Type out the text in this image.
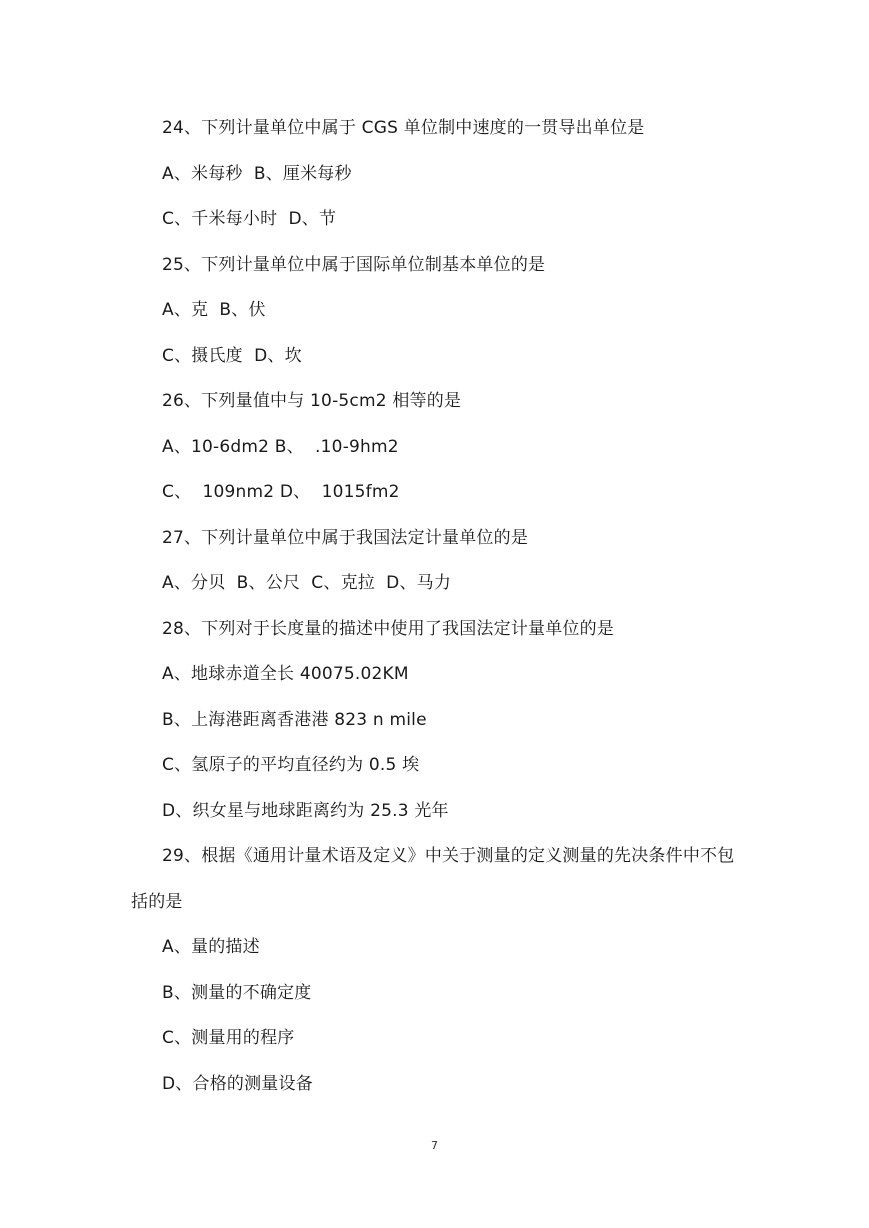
24、下列计量单位中属于 CGS 单位制中速度的一贯导出单位是
A、米每秒  B、厘米每秒
C、千米每小时  D、节
25、下列计量单位中属于国际单位制基本单位的是
A、克  B、伏
C、摄氏度  D、坎
26、下列量值中与 10-5cm2 相等的是
A、10-6dm2 B、  .10-9hm2
C、  109nm2 D、  1015fm2
27、下列计量单位中属于我国法定计量单位的是
A、分贝  B、公尺  C、克拉  D、马力
28、下列对于长度量的描述中使用了我国法定计量单位的是
A、地球赤道全长 40075.02KM
B、上海港距离香港港 823 n mile
C、氢原子的平均直径约为 0.5 埃
D、织女星与地球距离约为 25.3 光年
29、根据《通用计量术语及定义》中关于测量的定义测量的先决条件中不包
括的是
A、量的描述
B、测量的不确定度
C、测量用的程序
D、合格的测量设备
7
